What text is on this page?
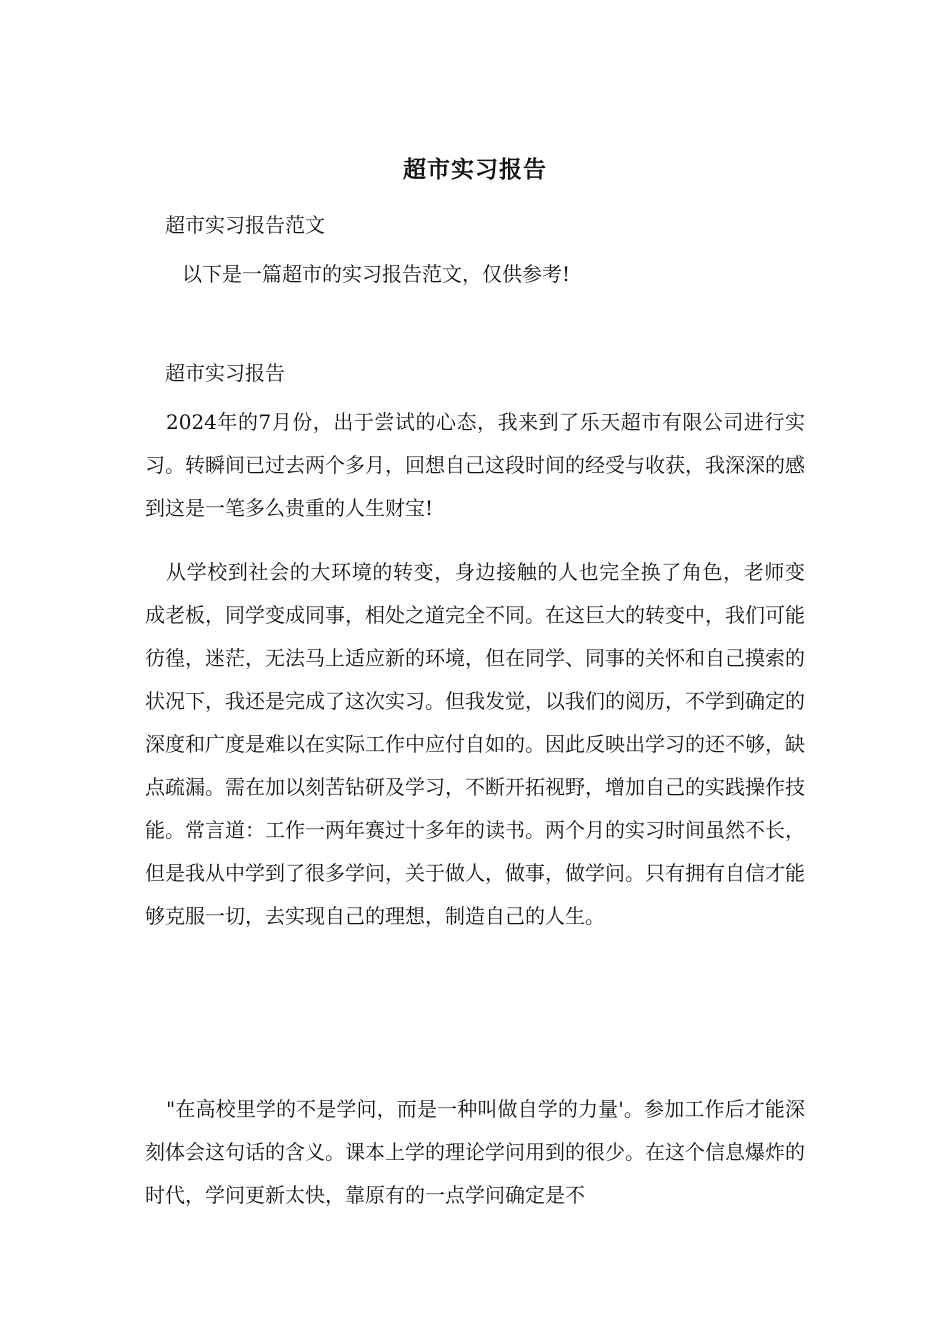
超市实习报告
超市实习报告范文
以下是一篇超市的实习报告范文，仅供参考!
超市实习报告

2024年的7月份，出于尝试的心态，我来到了乐天超市有限公司进行实习。转瞬间已过去两个多月，回想自己这段时间的经受与收获，我深深的感到这是一笔多么贵重的人生财宝!

从学校到社会的大环境的转变，身边接触的人也完全换了角色，老师变成老板，同学变成同事，相处之道完全不同。在这巨大的转变中，我们可能彷徨，迷茫，无法马上适应新的环境，但在同学、同事的关怀和自己摸索的状况下，我还是完成了这次实习。但我发觉，以我们的阅历，不学到确定的深度和广度是难以在实际工作中应付自如的。因此反映出学习的还不够，缺点疏漏。需在加以刻苦钻研及学习，不断开拓视野，增加自己的实践操作技能。常言道：工作一两年赛过十多年的读书。两个月的实习时间虽然不长，但是我从中学到了很多学问，关于做人，做事，做学问。只有拥有自信才能够克服一切，去实现自己的理想，制造自己的人生。

"在高校里学的不是学问，而是一种叫做自学的力量'。参加工作后才能深刻体会这句话的含义。课本上学的理论学问用到的很少。在这个信息爆炸的时代，学问更新太快，靠原有的一点学问确定是不
